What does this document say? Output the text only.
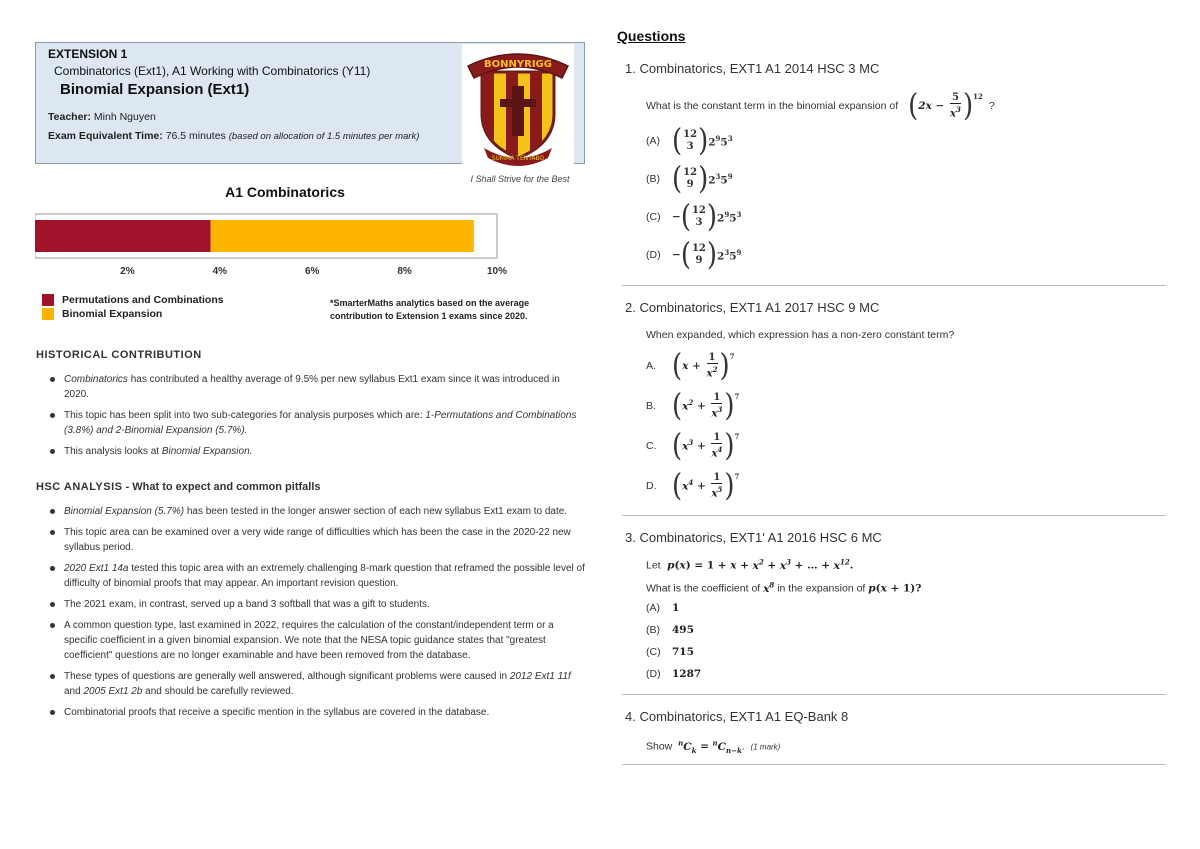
EXTENSION 1
Combinatorics (Ext1), A1 Working with Combinatorics (Y11)
Binomial Expansion (Ext1)
Teacher: Minh Nguyen
Exam Equivalent Time: 76.5 minutes (based on allocation of 1.5 minutes per mark)
BONNYRIGG
SUMMA TENTABO
I Shall Strive for the Best
A1 Combinatorics
2%	4%	6%	8%	10%
Permutations and Combinations
Binomial Expansion
*SmarterMaths analytics based on the average contribution to Extension 1 exams since 2020.
HISTORICAL CONTRIBUTION
Combinatorics has contributed a healthy average of 9.5% per new syllabus Ext1 exam since it was introduced in 2020.
This topic has been split into two sub-categories for analysis purposes which are: 1-Permutations and Combinations (3.8%) and 2-Binomial Expansion (5.7%).
This analysis looks at Binomial Expansion.
HSC ANALYSIS - What to expect and common pitfalls
Binomial Expansion (5.7%) has been tested in the longer answer section of each new syllabus Ext1 exam to date.
This topic area can be examined over a very wide range of difficulties which has been the case in the 2020-22 new syllabus period.
2020 Ext1 14a tested this topic area with an extremely challenging 8-mark question that reframed the possible level of difficulty of binomial proofs that may appear. An important revision question.
The 2021 exam, in contrast, served up a band 3 softball that was a gift to students.
A common question type, last examined in 2022, requires the calculation of the constant/independent term or a specific coefficient in a given binomial expansion. We note that the NESA topic guidance states that "greatest coefficient" questions are no longer examinable and have been removed from the database.
These types of questions are generally well answered, although significant problems were caused in 2012 Ext1 11f and 2005 Ext1 2b and should be carefully reviewed.
Combinatorial proofs that receive a specific mention in the syllabus are covered in the database.
Questions
1. Combinatorics, EXT1 A1 2014 HSC 3 MC
What is the constant term in the binomial expansion of ( $2x - \frac{5}{x^3}$ ) 12
?
(A) ( 12
3 ) $2^95^3$
(B) ( 12
9 ) $2^35^9$
(C)	− ( 12
3 ) $2^95^3$
(D)	− ( 12
9 ) $2^35^9$
2. Combinatorics, EXT1 A1 2017 HSC 9 MC
When expanded, which expression has a non-zero constant term?
A. ( $x + \frac{1}{x^2}$ ) 7
B. ( $x^2 + \frac{1}{x^3}$ ) 7
C. ( $x^3 + \frac{1}{x^4}$ ) 7
D. ( $x^4 + \frac{1}{x^5}$ ) 7
3. Combinatorics, EXT1' A1 2016 HSC 6 MC
Let  $p(x) = 1 + x + x^2 + x^3$ + … + $x^{12}$.
What is the coefficient of $x^8$ in the expansion of p(x + 1)?
(A)	1
(B)	495
(C)	715
(D)	1287
4. Combinatorics, EXT1 A1 EQ-Bank 8
Show $^nC_k = ^nC_{n-k}$.  (1 mark)
